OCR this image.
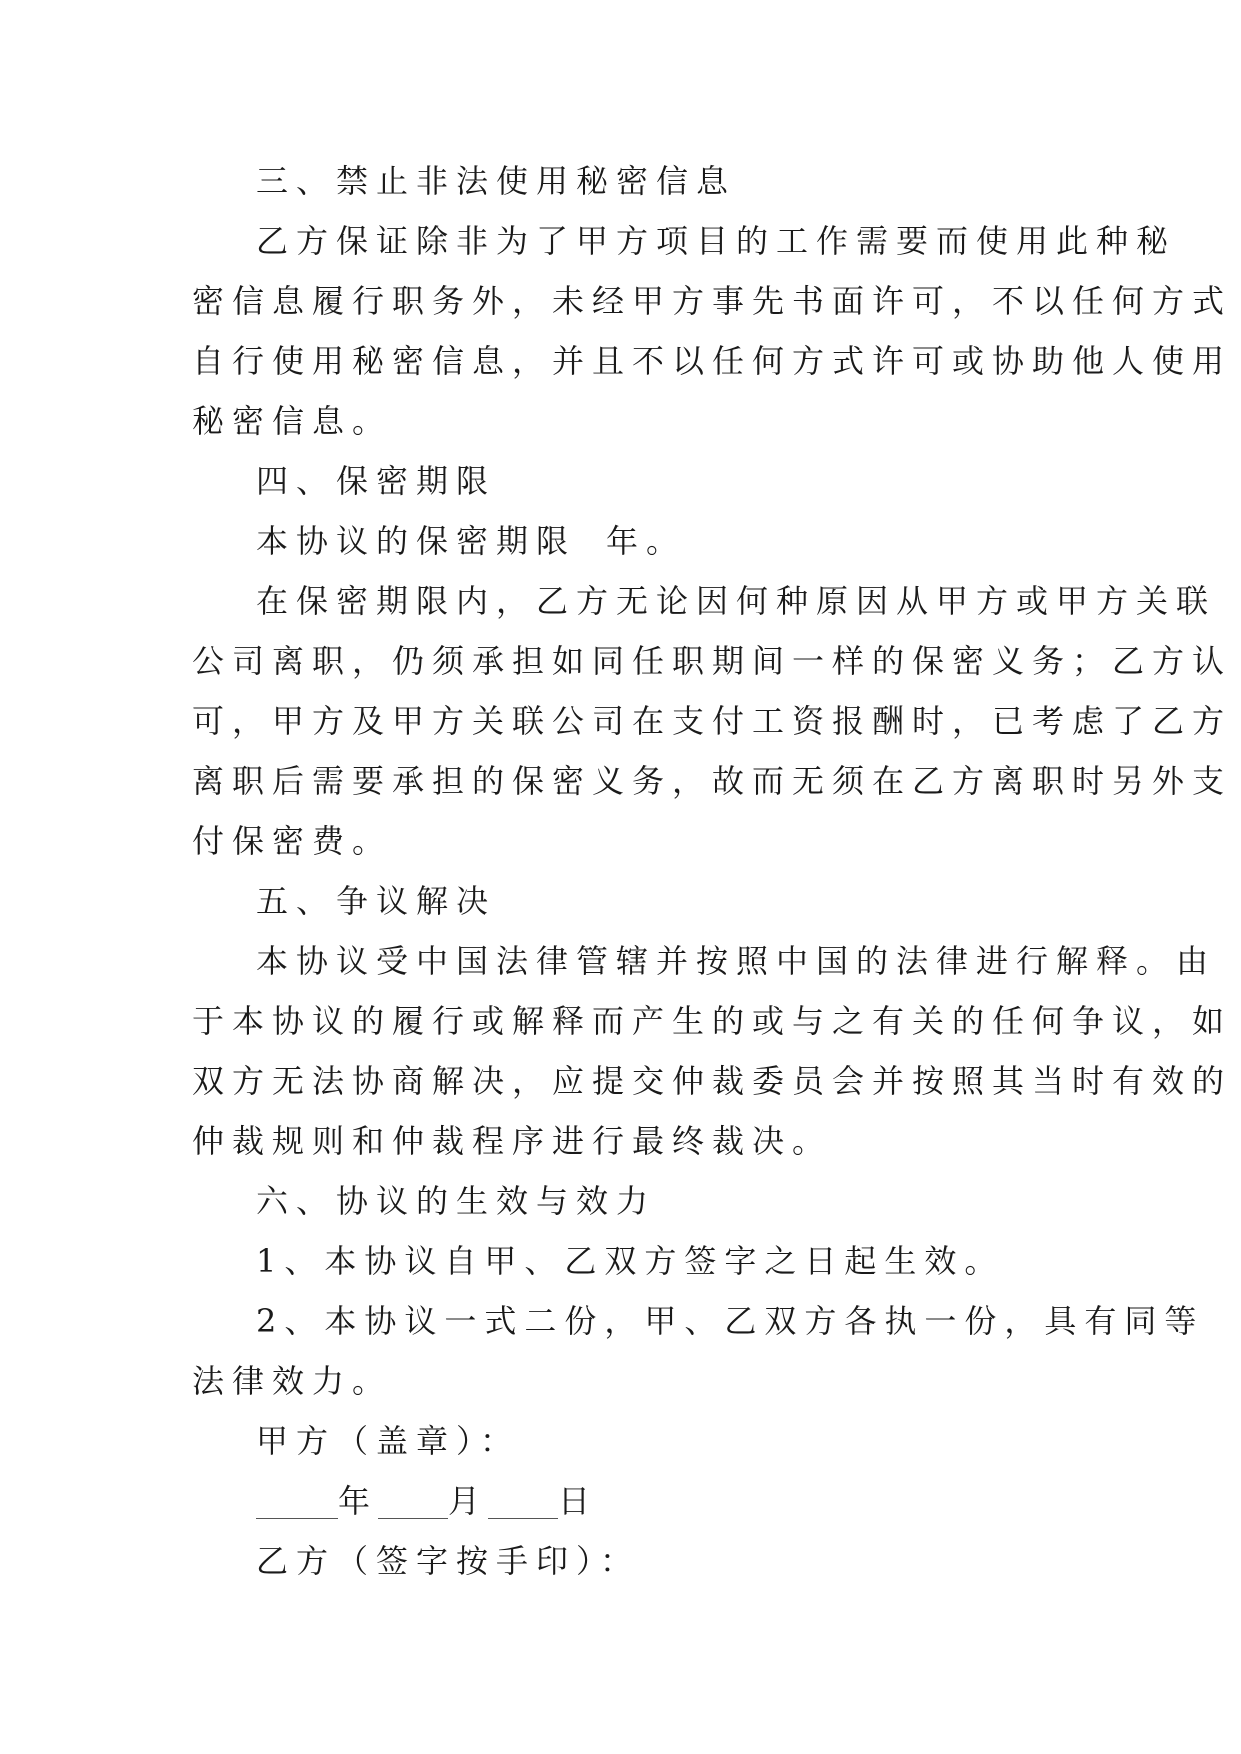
三、禁止非法使用秘密信息
乙方保证除非为了甲方项目的工作需要而使用此种秘
密信息履行职务外，未经甲方事先书面许可，不以任何方式
自行使用秘密信息，并且不以任何方式许可或协助他人使用
秘密信息。
四、保密期限
本协议的保密期限 年。
在保密期限内，乙方无论因何种原因从甲方或甲方关联
公司离职，仍须承担如同任职期间一样的保密义务；乙方认
可，甲方及甲方关联公司在支付工资报酬时，已考虑了乙方
离职后需要承担的保密义务，故而无须在乙方离职时另外支
付保密费。
五、争议解决
本协议受中国法律管辖并按照中国的法律进行解释。由
于本协议的履行或解释而产生的或与之有关的任何争议，如
双方无法协商解决，应提交仲裁委员会并按照其当时有效的
仲裁规则和仲裁程序进行最终裁决。
六、协议的生效与效力
1、本协议自甲、乙双方签字之日起生效。
2、本协议一式二份，甲、乙双方各执一份，具有同等
法律效力。
甲方（盖章）：
年 月 日
乙方（签字按手印）：
